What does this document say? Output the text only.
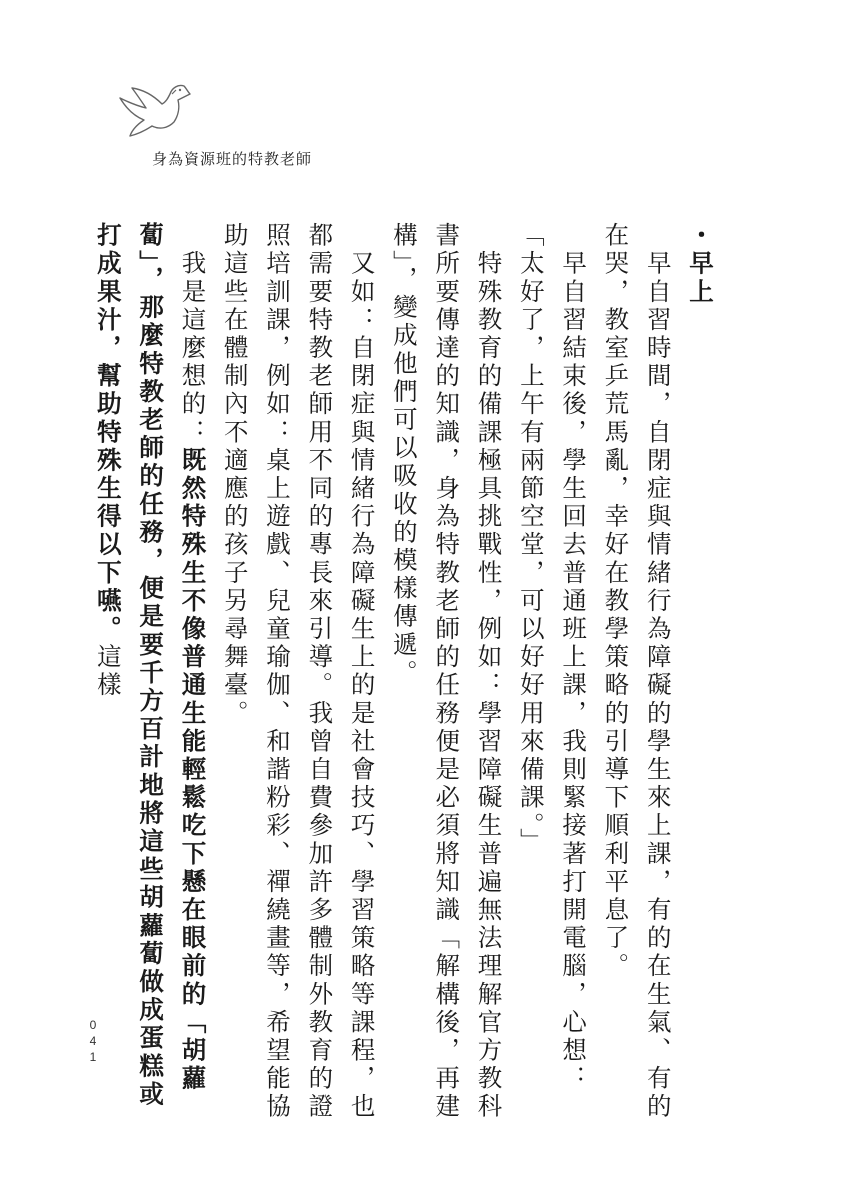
身為資源班的特教老師
041

・早上

　早自習時間，自閉症與情緒行為障礙的學生來上課，有的在生氣、有的在哭，教室乒荒馬亂，幸好在教學策略的引導下順利平息了。

　早自習結束後，學生回去普通班上課，我則緊接著打開電腦，心想：「太好了，上午有兩節空堂，可以好好用來備課。」

　特殊教育的備課極具挑戰性，例如：學習障礙生普遍無法理解官方教科書所要傳達的知識，身為特教老師的任務便是必須將知識「解構後，再建構」，變成他們可以吸收的模樣傳遞。

　又如：自閉症與情緒行為障礙生上的是社會技巧、學習策略等課程，也都需要特教老師用不同的專長來引導。我曾自費參加許多體制外教育的證照培訓課，例如：桌上遊戲、兒童瑜伽、和諧粉彩、禪繞畫等，希望能協助這些在體制內不適應的孩子另尋舞臺。

　我是這麼想的：既然特殊生不像普通生能輕鬆吃下懸在眼前的「胡蘿蔔」，那麼特教老師的任務，便是要千方百計地將這些胡蘿蔔做成蛋糕或打成果汁，幫助特殊生得以下嚥。這樣
